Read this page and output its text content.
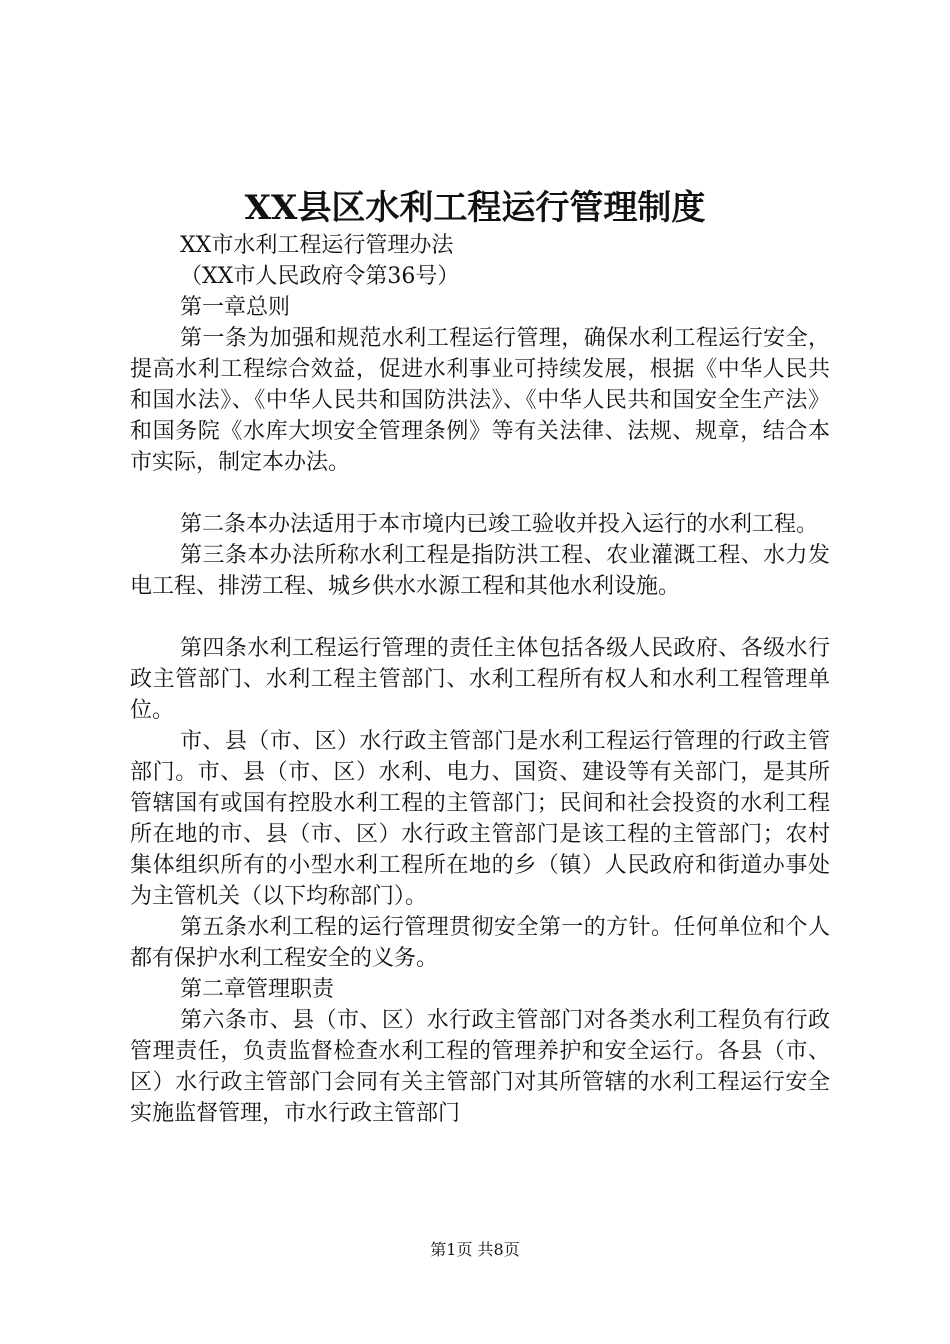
XX县区水利工程运行管理制度

XX市水利工程运行管理办法

（XX市人民政府令第36号）

第一章总则

第一条为加强和规范水利工程运行管理，确保水利工程运行安全，提高水利工程综合效益，促进水利事业可持续发展，根据《中华人民共和国水法》、《中华人民共和国防洪法》、《中华人民共和国安全生产法》和国务院《水库大坝安全管理条例》等有关法律、法规、规章，结合本市实际，制定本办法。

第二条本办法适用于本市境内已竣工验收并投入运行的水利工程。

第三条本办法所称水利工程是指防洪工程、农业灌溉工程、水力发电工程、排涝工程、城乡供水水源工程和其他水利设施。

第四条水利工程运行管理的责任主体包括各级人民政府、各级水行政主管部门、水利工程主管部门、水利工程所有权人和水利工程管理单位。

市、县（市、区）水行政主管部门是水利工程运行管理的行政主管部门。市、县（市、区）水利、电力、国资、建设等有关部门，是其所管辖国有或国有控股水利工程的主管部门；民间和社会投资的水利工程所在地的市、县（市、区）水行政主管部门是该工程的主管部门；农村集体组织所有的小型水利工程所在地的乡（镇）人民政府和街道办事处为主管机关（以下均称部门）。

第五条水利工程的运行管理贯彻安全第一的方针。任何单位和个人都有保护水利工程安全的义务。

第二章管理职责

第六条市、县（市、区）水行政主管部门对各类水利工程负有行政管理责任，负责监督检查水利工程的管理养护和安全运行。各县（市、区）水行政主管部门会同有关主管部门对其所管辖的水利工程运行安全实施监督管理，市水行政主管部门

第1页 共8页
